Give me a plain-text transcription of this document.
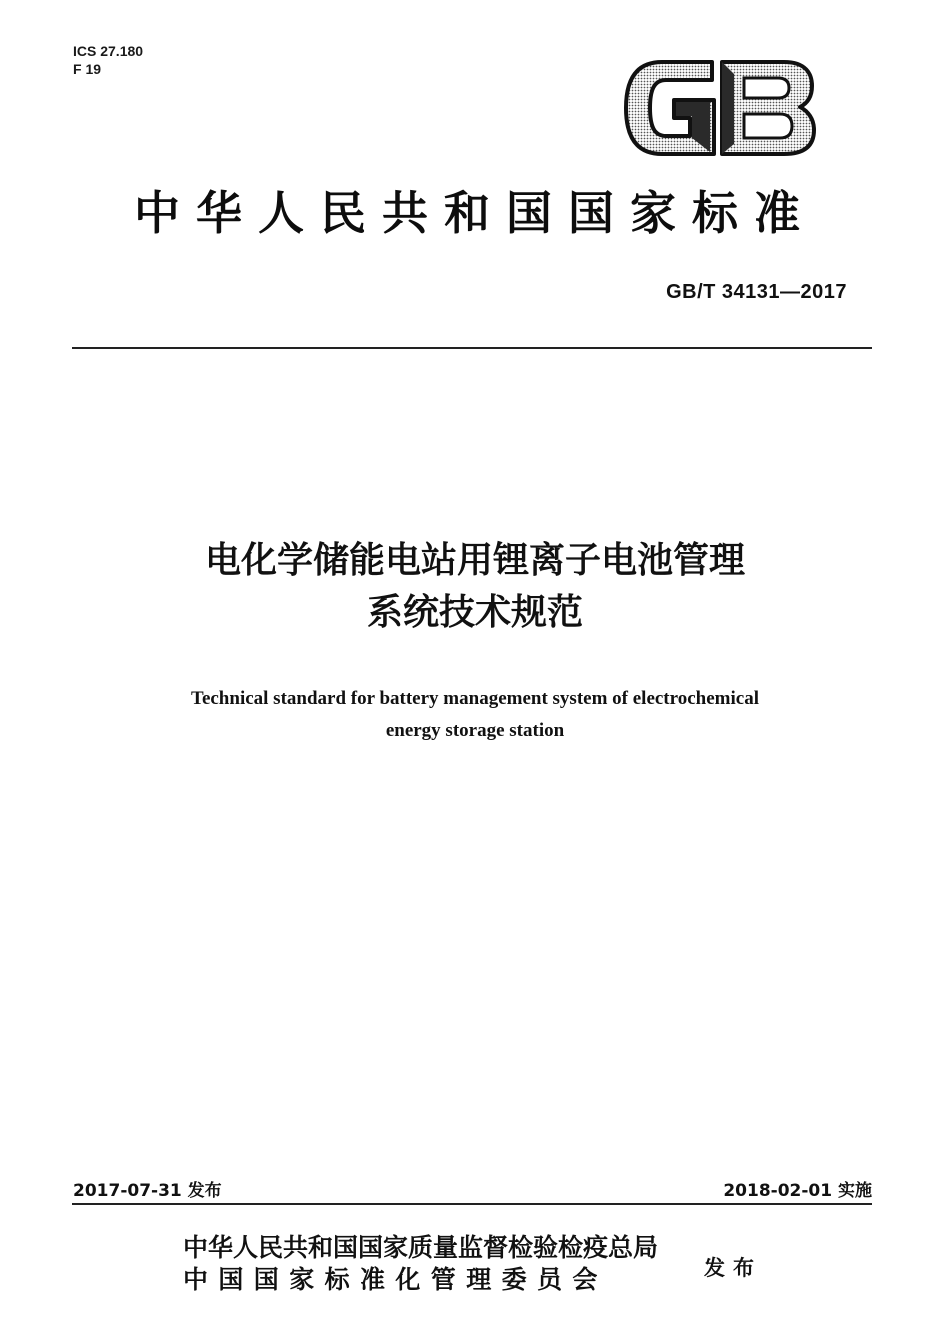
ICS 27.180
F 19
中华人民共和国国家标准
GB/T 34131—2017
电化学储能电站用锂离子电池管理
系统技术规范
Technical standard for battery management system of electrochemical
energy storage station
2017-07-31 发布	2018-02-01 实施
中华人民共和国国家质量监督检验检疫总局
中国国家标准化管理委员会	发布
